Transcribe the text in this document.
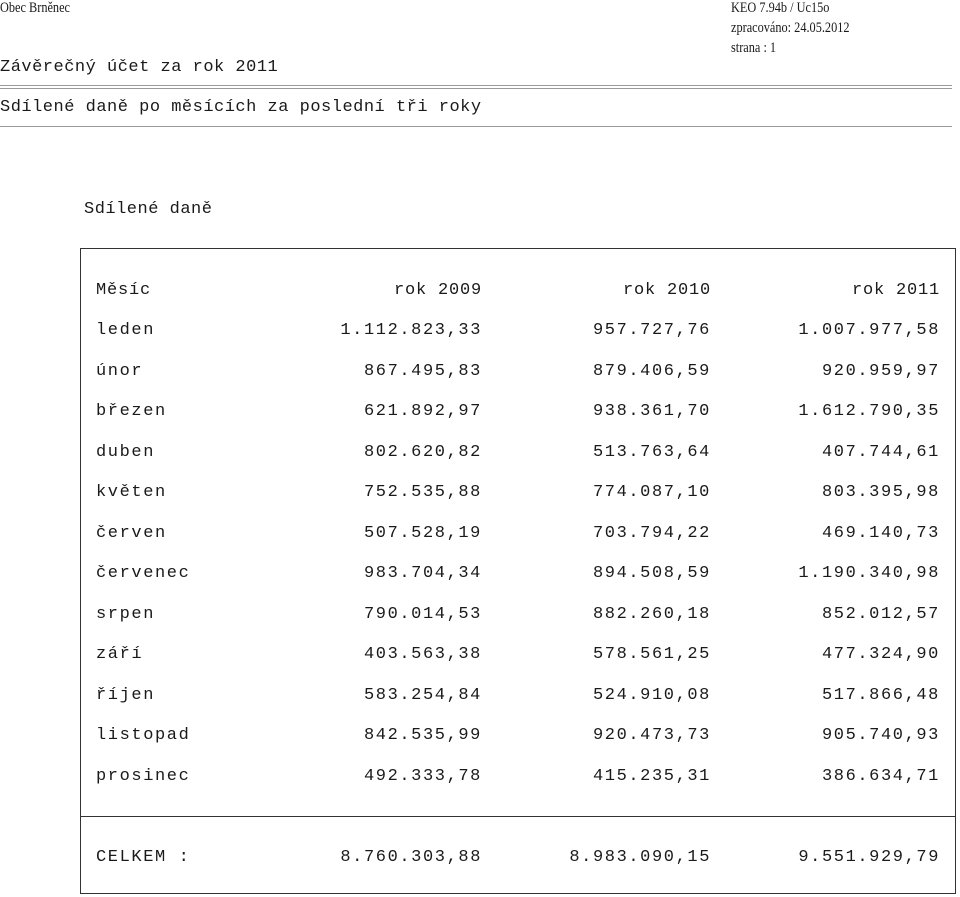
Obec Brněnec	KEO 7.94b / Uc15o
zpracováno: 24.05.2012
strana : 1
Závěrečný účet za rok 2011
Sdílené daně po měsících za poslední tři roky
Sdílené daně
Měsíc	rok 2009	rok 2010	rok 2011
leden	1.112.823,33	957.727,76	1.007.977,58
únor	867.495,83	879.406,59	920.959,97
březen	621.892,97	938.361,70	1.612.790,35
duben	802.620,82	513.763,64	407.744,61
květen	752.535,88	774.087,10	803.395,98
červen	507.528,19	703.794,22	469.140,73
červenec	983.704,34	894.508,59	1.190.340,98
srpen	790.014,53	882.260,18	852.012,57
září	403.563,38	578.561,25	477.324,90
říjen	583.254,84	524.910,08	517.866,48
listopad	842.535,99	920.473,73	905.740,93
prosinec	492.333,78	415.235,31	386.634,71
CELKEM :	8.760.303,88	8.983.090,15	9.551.929,79
